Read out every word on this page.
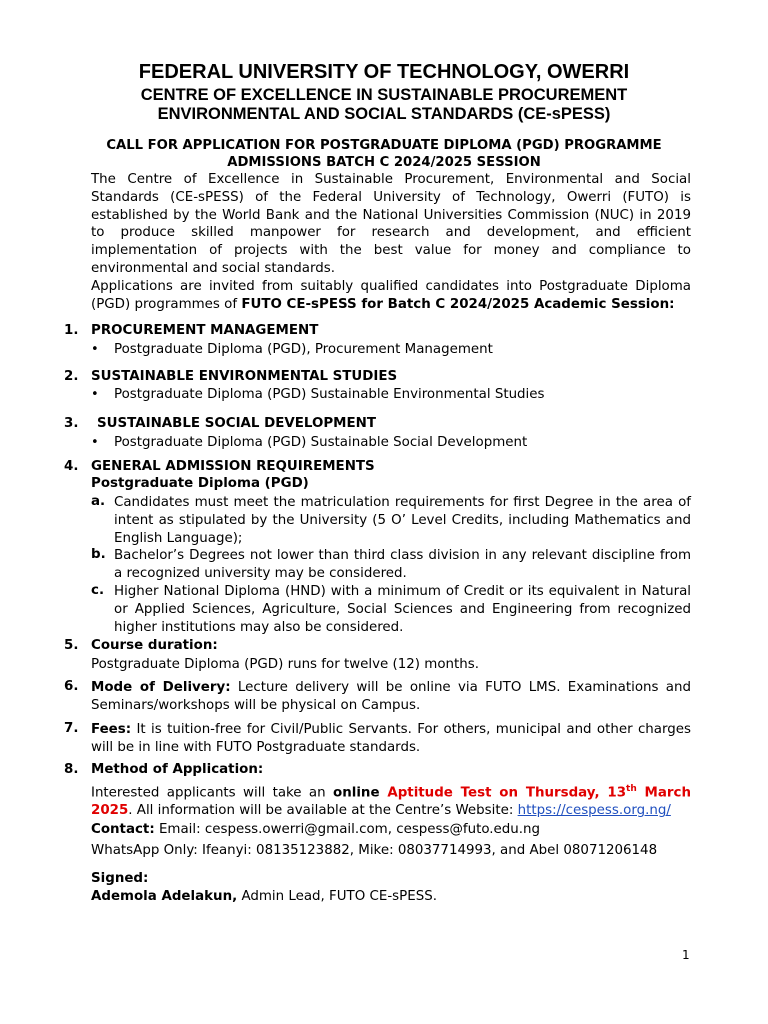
FEDERAL UNIVERSITY OF TECHNOLOGY, OWERRI
CENTRE OF EXCELLENCE IN SUSTAINABLE PROCUREMENT
ENVIRONMENTAL AND SOCIAL STANDARDS (CE-sPESS)
CALL FOR APPLICATION FOR POSTGRADUATE DIPLOMA (PGD) PROGRAMME
ADMISSIONS BATCH C 2024/2025 SESSION
The Centre of Excellence in Sustainable Procurement, Environmental and Social Standards (CE-sPESS) of the Federal University of Technology, Owerri (FUTO) is established by the World Bank and the National Universities Commission (NUC) in 2019 to produce skilled manpower for research and development, and efficient implementation of projects with the best value for money and compliance to environmental and social standards.
Applications are invited from suitably qualified candidates into Postgraduate Diploma (PGD) programmes of FUTO CE-sPESS for Batch C 2024/2025 Academic Session:
1. PROCUREMENT MANAGEMENT
• Postgraduate Diploma (PGD), Procurement Management
2. SUSTAINABLE ENVIRONMENTAL STUDIES
• Postgraduate Diploma (PGD) Sustainable Environmental Studies
3. SUSTAINABLE SOCIAL DEVELOPMENT
• Postgraduate Diploma (PGD) Sustainable Social Development
4. GENERAL ADMISSION REQUIREMENTS
Postgraduate Diploma (PGD)
a. Candidates must meet the matriculation requirements for first Degree in the area of intent as stipulated by the University (5 O’ Level Credits, including Mathematics and English Language);
b. Bachelor’s Degrees not lower than third class division in any relevant discipline from a recognized university may be considered.
c. Higher National Diploma (HND) with a minimum of Credit or its equivalent in Natural or Applied Sciences, Agriculture, Social Sciences and Engineering from recognized higher institutions may also be considered.
5. Course duration:
Postgraduate Diploma (PGD) runs for twelve (12) months.
6. Mode of Delivery: Lecture delivery will be online via FUTO LMS. Examinations and Seminars/workshops will be physical on Campus.
7. Fees: It is tuition-free for Civil/Public Servants. For others, municipal and other charges will be in line with FUTO Postgraduate standards.
8. Method of Application:
Interested applicants will take an online Aptitude Test on Thursday, 13th March 2025. All information will be available at the Centre’s Website: https://cespess.org.ng/
Contact: Email: cespess.owerri@gmail.com, cespess@futo.edu.ng
WhatsApp Only: Ifeanyi: 08135123882, Mike: 08037714993, and Abel 08071206148
Signed:
Ademola Adelakun, Admin Lead, FUTO CE-sPESS.
1
